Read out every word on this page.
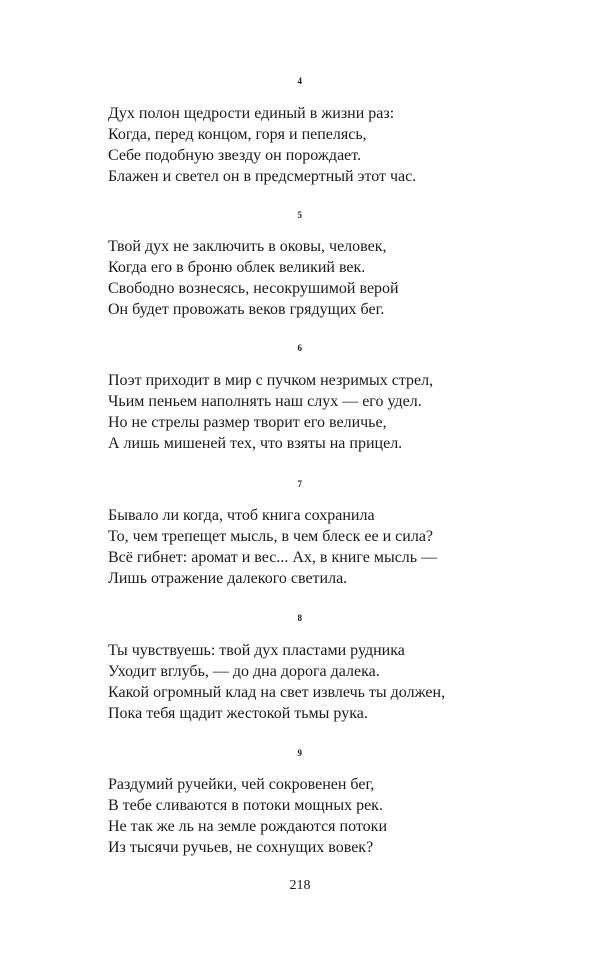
4
Дух полон щедрости единый в жизни раз:
Когда, перед концом, горя и пепелясь,
Себе подобную звезду он порождает.
Блажен и светел он в предсмертный этот час.
5
Твой дух не заключить в оковы, человек,
Когда его в броню облек великий век.
Свободно вознесясь, несокрушимой верой
Он будет провожать веков грядущих бег.
6
Поэт приходит в мир с пучком незримых стрел,
Чьим пеньем наполнять наш слух — его удел.
Но не стрелы размер творит его величье,
А лишь мишеней тех, что взяты на прицел.
7
Бывало ли когда, чтоб книга сохранила
То, чем трепещет мысль, в чем блеск ее и сила?
Всё гибнет: аромат и вес... Ах, в книге мысль —
Лишь отражение далекого светила.
8
Ты чувствуешь: твой дух пластами рудника
Уходит вглубь, — до дна дорога далека.
Какой огромный клад на свет извлечь ты должен,
Пока тебя щадит жестокой тьмы рука.
9
Раздумий ручейки, чей сокровенен бег,
В тебе сливаются в потоки мощных рек.
Не так же ль на земле рождаются потоки
Из тысячи ручьев, не сохнущих вовек?
218
